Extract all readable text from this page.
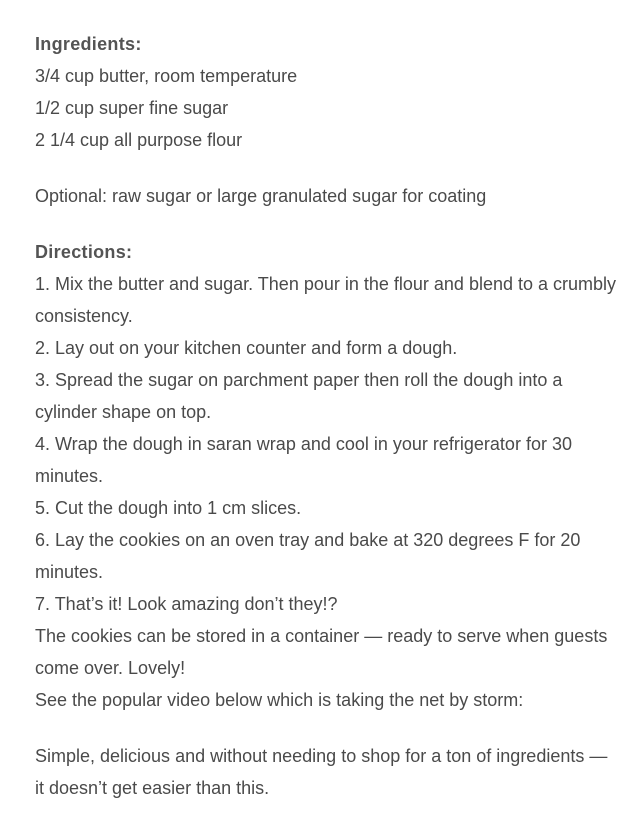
Ingredients:
3/4 cup butter, room temperature
1/2 cup super fine sugar
2 1/4 cup all purpose flour
Optional: raw sugar or large granulated sugar for coating
Directions:
1. Mix the butter and sugar. Then pour in the flour and blend to a crumbly consistency.
2. Lay out on your kitchen counter and form a dough.
3. Spread the sugar on parchment paper then roll the dough into a cylinder shape on top.
4. Wrap the dough in saran wrap and cool in your refrigerator for 30 minutes.
5. Cut the dough into 1 cm slices.
6. Lay the cookies on an oven tray and bake at 320 degrees F for 20 minutes.
7. That’s it! Look amazing don’t they!?
The cookies can be stored in a container — ready to serve when guests come over. Lovely!
See the popular video below which is taking the net by storm:
Simple, delicious and without needing to shop for a ton of ingredients — it doesn’t get easier than this.
